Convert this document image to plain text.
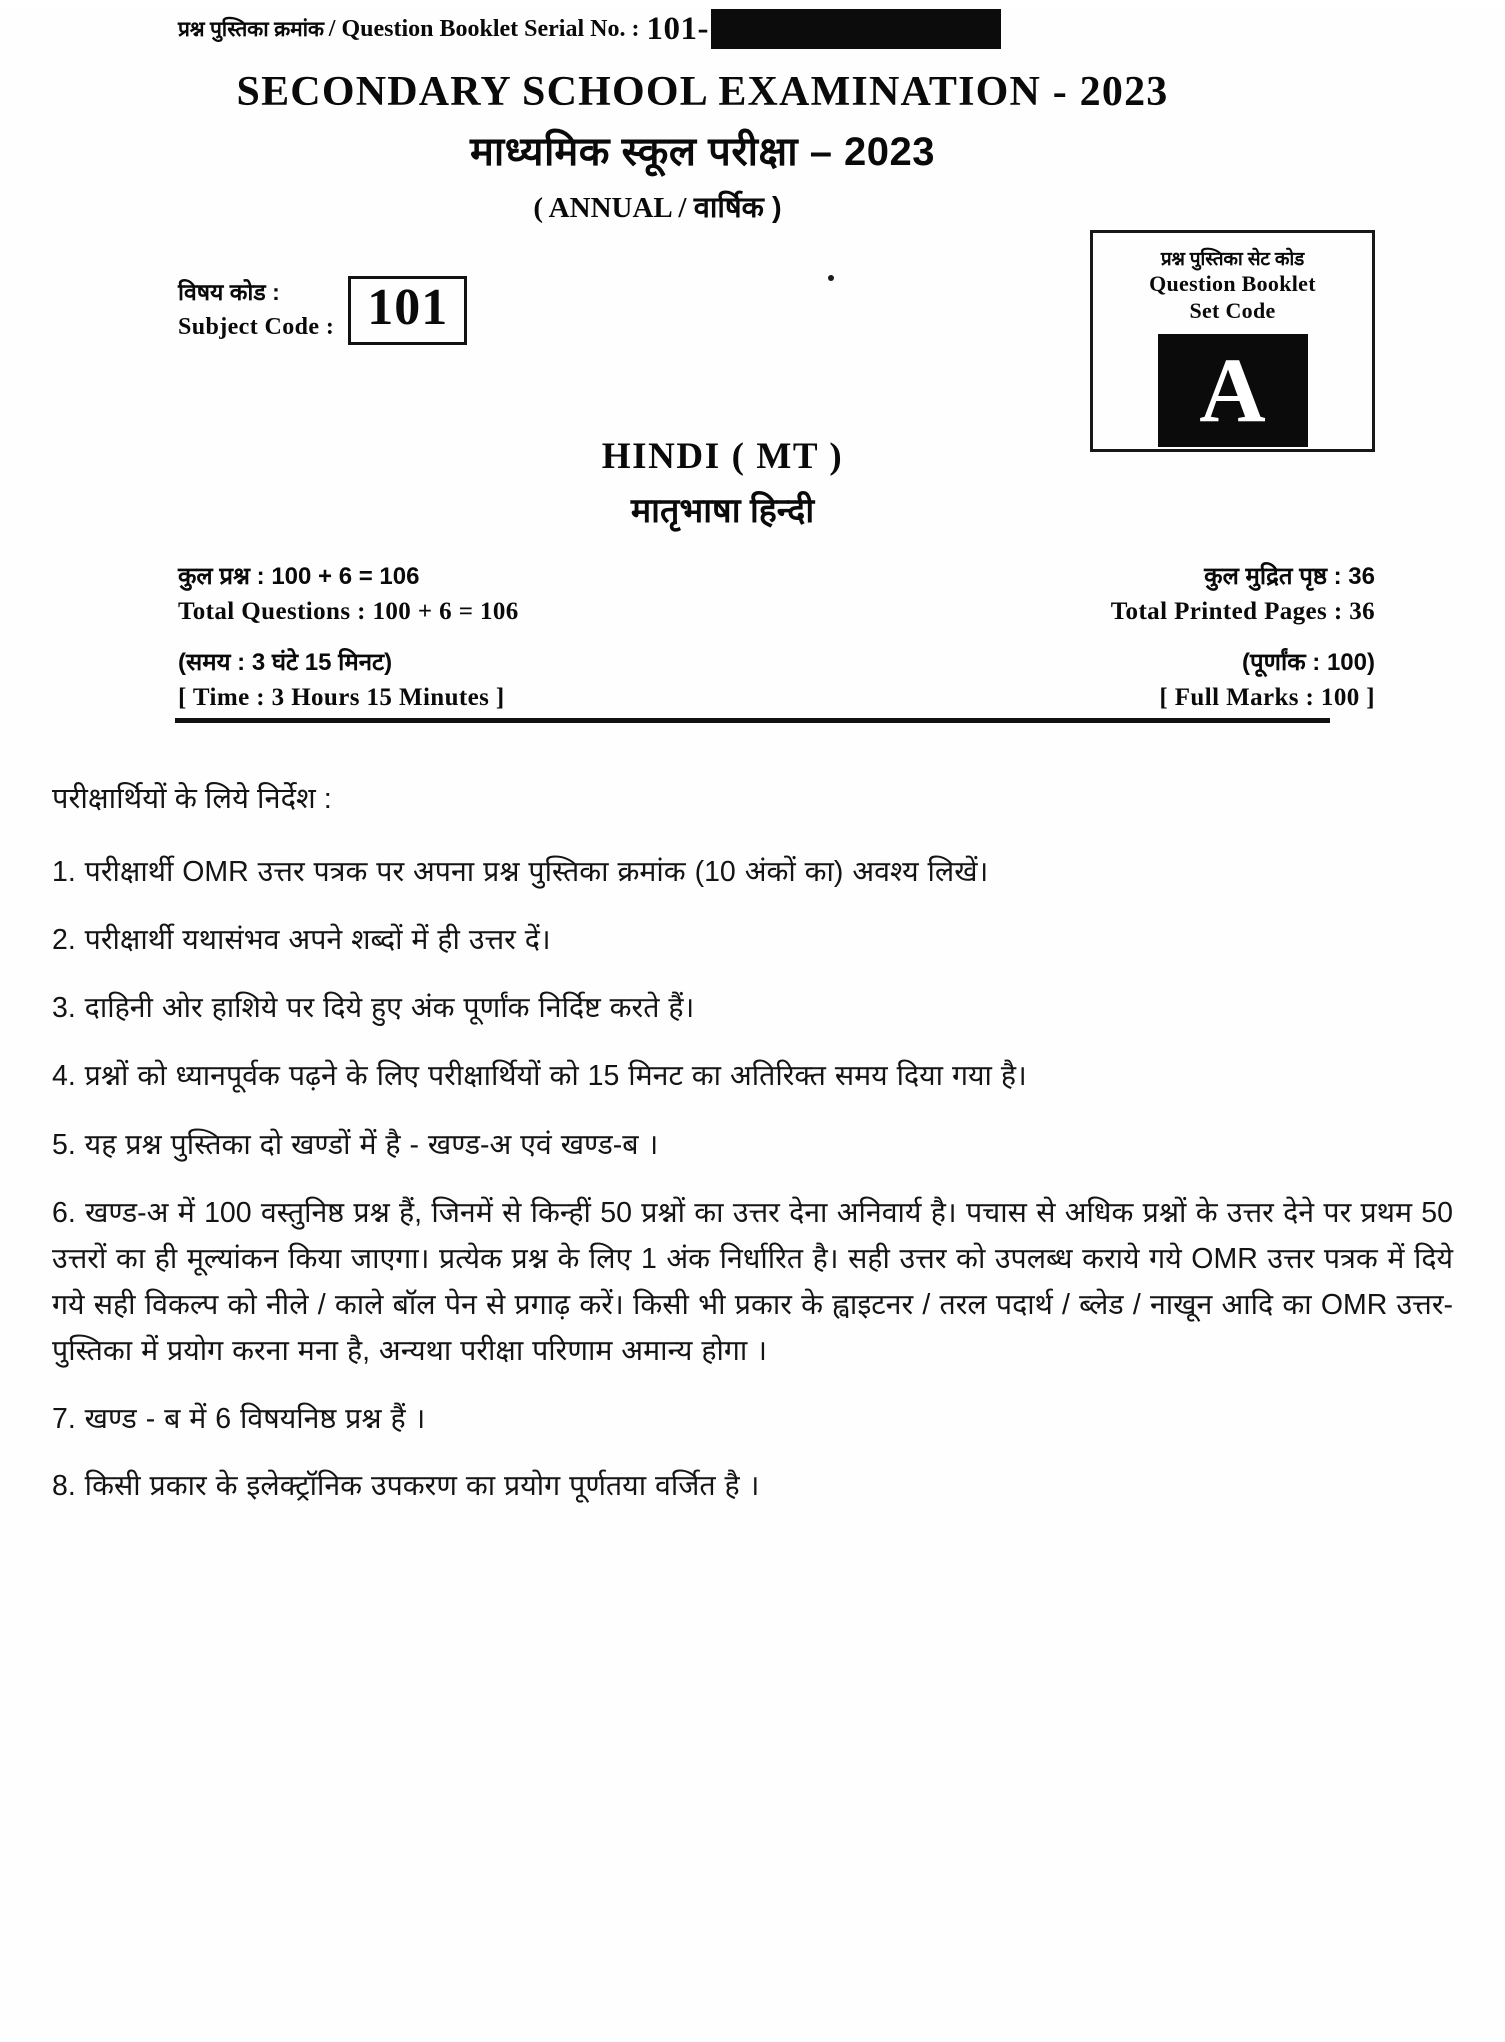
प्रश्न पुस्तिका क्रमांक / Question Booklet Serial No. : 101-
SECONDARY SCHOOL EXAMINATION - 2023
माध्यमिक स्कूल परीक्षा – 2023
( ANNUAL / वार्षिक )
विषय कोड :
Subject Code : 101
प्रश्न पुस्तिका सेट कोड
Question Booklet
Set Code
A
HINDI ( MT )
मातृभाषा हिन्दी
कुल प्रश्न : 100 + 6 = 106
Total Questions : 100 + 6 = 106
(समय : 3 घंटे 15 मिनट)
[ Time : 3 Hours 15 Minutes ]
कुल मुद्रित पृष्ठ : 36
Total Printed Pages : 36
(पूर्णांक : 100)
[ Full Marks : 100 ]
परीक्षार्थियों के लिये निर्देश :
1. परीक्षार्थी OMR उत्तर पत्रक पर अपना प्रश्न पुस्तिका क्रमांक (10 अंकों का) अवश्य लिखें।
2. परीक्षार्थी यथासंभव अपने शब्दों में ही उत्तर दें।
3. दाहिनी ओर हाशिये पर दिये हुए अंक पूर्णांक निर्दिष्ट करते हैं।
4. प्रश्नों को ध्यानपूर्वक पढ़ने के लिए परीक्षार्थियों को 15 मिनट का अतिरिक्त समय दिया गया है।
5. यह प्रश्न पुस्तिका दो खण्डों में है - खण्ड-अ एवं खण्ड-ब ।
6. खण्ड-अ में 100 वस्तुनिष्ठ प्रश्न हैं, जिनमें से किन्हीं 50 प्रश्नों का उत्तर देना अनिवार्य है। पचास से अधिक प्रश्नों के उत्तर देने पर प्रथम 50 उत्तरों का ही मूल्यांकन किया जाएगा। प्रत्येक प्रश्न के लिए 1 अंक निर्धारित है। सही उत्तर को उपलब्ध कराये गये OMR उत्तर पत्रक में दिये गये सही विकल्प को नीले / काले बॉल पेन से प्रगाढ़ करें। किसी भी प्रकार के ह्वाइटनर / तरल पदार्थ / ब्लेड / नाखून आदि का OMR उत्तर-पुस्तिका में प्रयोग करना मना है, अन्यथा परीक्षा परिणाम अमान्य होगा ।
7. खण्ड - ब में 6 विषयनिष्ठ प्रश्न हैं ।
8. किसी प्रकार के इलेक्ट्रॉनिक उपकरण का प्रयोग पूर्णतया वर्जित है ।
